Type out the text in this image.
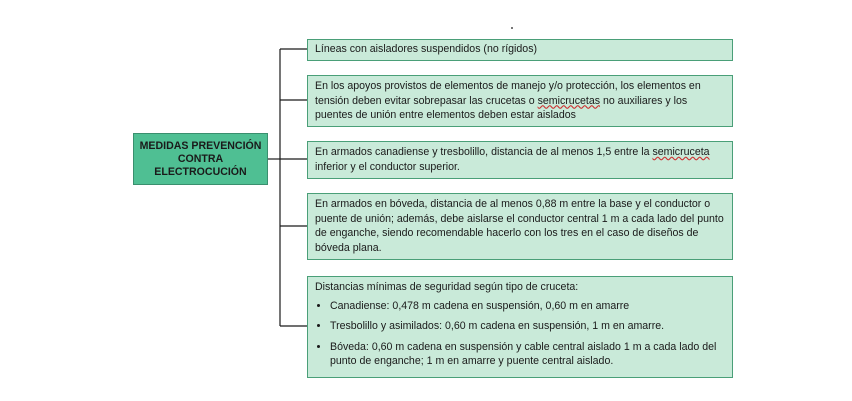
MEDIDAS PREVENCIÓN CONTRA ELECTROCUCIÓN
Líneas con aisladores suspendidos (no rígidos)
En los apoyos provistos de elementos de manejo y/o protección, los elementos en tensión deben evitar sobrepasar las crucetas o semicrucetas no auxiliares y los puentes de unión entre elementos deben estar aislados
En armados canadiense y tresbolillo, distancia de al menos 1,5 entre la semicruceta inferior y el conductor superior.
En armados en bóveda, distancia de al menos 0,88 m entre la base y el conductor o puente de unión; además, debe aislarse el conductor central 1 m a cada lado del punto de enganche, siendo recomendable hacerlo con los tres en el caso de diseños de bóveda plana.
Distancias mínimas de seguridad según tipo de cruceta:
• Canadiense: 0,478 m cadena en suspensión, 0,60 m en amarre
• Tresbolillo y asimilados: 0,60 m cadena en suspensión, 1 m en amarre.
• Bóveda: 0,60 m cadena en suspensión y cable central aislado 1 m a cada lado del punto de enganche; 1 m en amarre y puente central aislado.
